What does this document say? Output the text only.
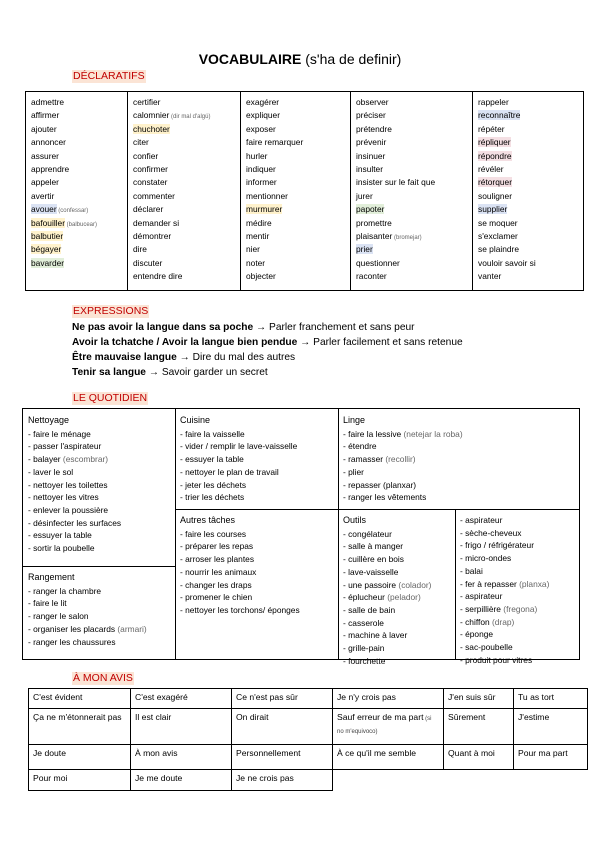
VOCABULAIRE (s'ha de definir)
DÉCLARATIFS
admettre
affirmer
ajouter
annoncer
assurer
apprendre
appeler
avertir
avouer (confessar)
bafouiller (balbucear)
balbutier
bégayer
bavarder
certifier
calomnier (dir mal d'algú)
chuchoter
citer
confier
confirmer
constater
commenter
déclarer
demander si
démontrer
dire
discuter
entendre dire
exagérer
expliquer
exposer
faire remarquer
hurler
indiquer
informer
mentionner
murmurer
médire
mentir
nier
noter
objecter
observer
préciser
prétendre
prévenir
insinuer
insulter
insister sur le fait que
jurer
papoter
promettre
plaisanter (bromejar)
prier
questionner
raconter
rappeler
reconnaître
répéter
répliquer
répondre
révéler
rétorquer
souligner
supplier
se moquer
s'exclamer
se plaindre
vouloir savoir si
vanter
EXPRESSIONS
Ne pas avoir la langue dans sa poche → Parler franchement et sans peur
Avoir la tchatche / Avoir la langue bien pendue → Parler facilement et sans retenue
Être mauvaise langue → Dire du mal des autres
Tenir sa langue → Savoir garder un secret
LE QUOTIDIEN
Nettoyage
- faire le ménage
- passer l'aspirateur
- balayer (escombrar)
- laver le sol
- nettoyer les toilettes
- nettoyer les vitres
- enlever la poussière
- désinfecter les surfaces
- essuyer la table
- sortir la poubelle
Rangement
- ranger la chambre
- faire le lit
- ranger le salon
- organiser les placards (armari)
- ranger les chaussures
Cuisine
- faire la vaisselle
- vider / remplir le lave-vaisselle
- essuyer la table
- nettoyer le plan de travail
- jeter les déchets
- trier les déchets
Autres tâches
- faire les courses
- préparer les repas
- arroser les plantes
- nourrir les animaux
- changer les draps
- promener le chien
- nettoyer les torchons/ éponges
Linge
- faire la lessive (netejar la roba)
- étendre
- ramasser (recollir)
- plier
- repasser (planxar)
- ranger les vêtements
Outils
- congélateur
- salle à manger
- cuillère en bois
- lave-vaisselle
- une passoire (colador)
- éplucheur (pelador)
- salle de bain
- casserole
- machine à laver
- grille-pain
- fourchette
- aspirateur
- sèche-cheveux
- frigo / réfrigérateur
- micro-ondes
- balai
- fer à repasser (planxa)
- aspirateur
- serpillière (fregona)
- chiffon (drap)
- éponge
- sac-poubelle
- produit pour vitres
À MON AVIS
C'est évident	C'est exagéré	Ce n'est pas sûr	Je n'y crois pas	J'en suis sûr	Tu as tort
Ça ne m'étonnerait pas	Il est clair	On dirait	Sauf erreur de ma part (si no m'equivoco)	Sûrement	J'estime
Je doute	À mon avis	Personnellement	À ce qu'il me semble	Quant à moi	Pour ma part
Pour moi	Je me doute	Je ne crois pas			
